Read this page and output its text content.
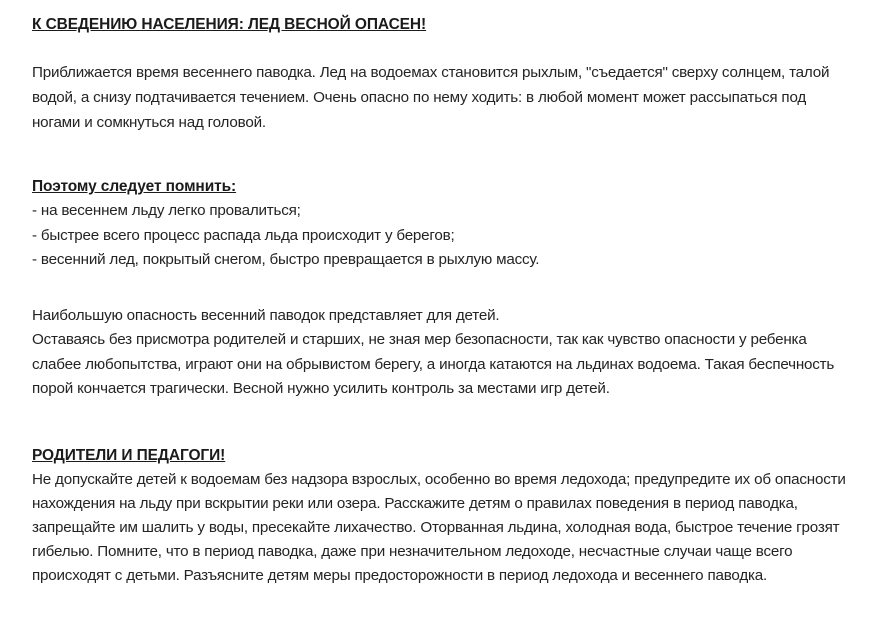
К СВЕДЕНИЮ НАСЕЛЕНИЯ: ЛЕД ВЕСНОЙ ОПАСЕН!

Приближается время весеннего паводка. Лед на водоемах становится рыхлым, "съедается" сверху солнцем, талой водой, а снизу подтачивается течением. Очень опасно по нему ходить: в любой момент может рассыпаться под ногами и сомкнуться над головой.

Поэтому следует помнить:
- на весеннем льду легко провалиться;
- быстрее всего процесс распада льда происходит у берегов;
- весенний лед, покрытый снегом, быстро превращается в рыхлую массу.

Наибольшую опасность весенний паводок представляет для детей.
Оставаясь без присмотра родителей и старших, не зная мер безопасности, так как чувство опасности у ребенка слабее любопытства, играют они на обрывистом берегу, а иногда катаются на льдинах водоема. Такая беспечность порой кончается трагически. Весной нужно усилить контроль за местами игр детей.

РОДИТЕЛИ И ПЕДАГОГИ!

Не допускайте детей к водоемам без надзора взрослых, особенно во время ледохода; предупредите их об опасности нахождения на льду при вскрытии реки или озера. Расскажите детям о правилах поведения в период паводка, запрещайте им шалить у воды, пресекайте лихачество. Оторванная льдина, холодная вода, быстрое течение грозят гибелью. Помните, что в период паводка, даже при незначительном ледоходе, несчастные случаи чаще всего происходят с детьми. Разъясните детям меры предосторожности в период ледохода и весеннего паводка.
